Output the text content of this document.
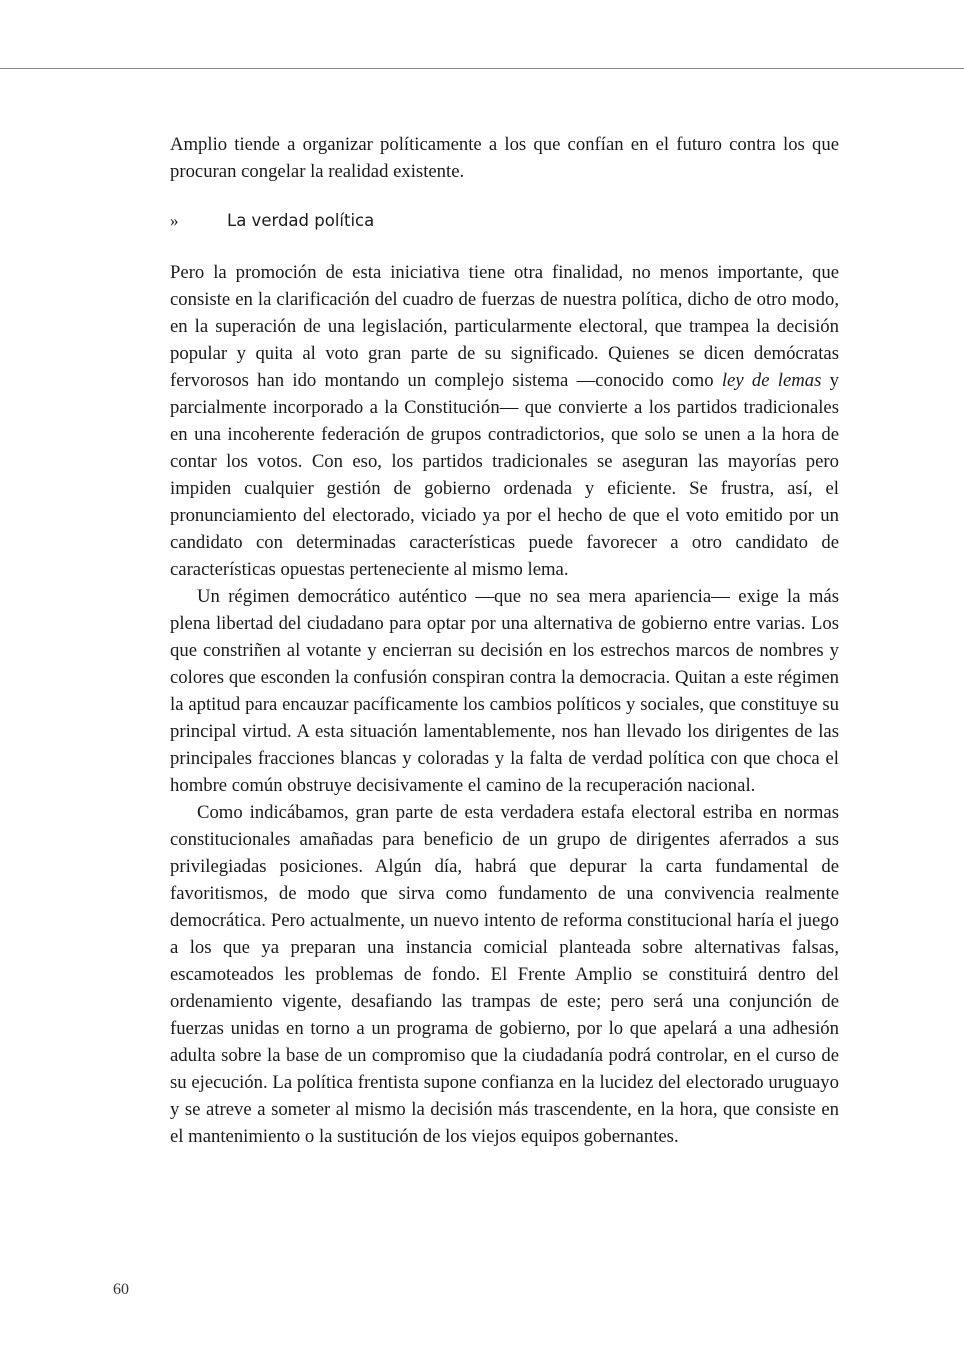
Amplio tiende a organizar políticamente a los que confían en el futuro contra los que procuran congelar la realidad existente.

»	La verdad política

Pero la promoción de esta iniciativa tiene otra finalidad, no menos importante, que consiste en la clarificación del cuadro de fuerzas de nuestra política, dicho de otro modo, en la superación de una legislación, particularmente electoral, que trampea la decisión popular y quita al voto gran parte de su significado. Quienes se dicen demócratas fervorosos han ido montando un complejo sistema —conocido como ley de lemas y parcialmente incorporado a la Constitución— que convierte a los partidos tradicionales en una incoherente federación de grupos contradictorios, que solo se unen a la hora de contar los votos. Con eso, los partidos tradicionales se aseguran las mayorías pero impiden cualquier gestión de gobierno ordenada y eficiente. Se frustra, así, el pronunciamiento del electorado, viciado ya por el hecho de que el voto emitido por un candidato con determinadas características puede favorecer a otro candidato de características opuestas perteneciente al mismo lema.

Un régimen democrático auténtico —que no sea mera apariencia— exige la más plena libertad del ciudadano para optar por una alternativa de gobierno entre varias. Los que constriñen al votante y encierran su decisión en los estrechos marcos de nombres y colores que esconden la confusión conspiran contra la democracia. Quitan a este régimen la aptitud para encauzar pacíficamente los cambios políticos y sociales, que constituye su principal virtud. A esta situación lamentablemente, nos han llevado los dirigentes de las principales fracciones blancas y coloradas y la falta de verdad política con que choca el hombre común obstruye decisivamente el camino de la recuperación nacional.

Como indicábamos, gran parte de esta verdadera estafa electoral estriba en normas constitucionales amañadas para beneficio de un grupo de dirigentes aferrados a sus privilegiadas posiciones. Algún día, habrá que depurar la carta fundamental de favoritismos, de modo que sirva como fundamento de una convivencia realmente democrática. Pero actualmente, un nuevo intento de reforma constitucional haría el juego a los que ya preparan una instancia comicial planteada sobre alternativas falsas, escamoteados les problemas de fondo. El Frente Amplio se constituirá dentro del ordenamiento vigente, desafiando las trampas de este; pero será una conjunción de fuerzas unidas en torno a un programa de gobierno, por lo que apelará a una adhesión adulta sobre la base de un compromiso que la ciudadanía podrá controlar, en el curso de su ejecución. La política frentista supone confianza en la lucidez del electorado uruguayo y se atreve a someter al mismo la decisión más trascendente, en la hora, que consiste en el mantenimiento o la sustitución de los viejos equipos gobernantes.

60
